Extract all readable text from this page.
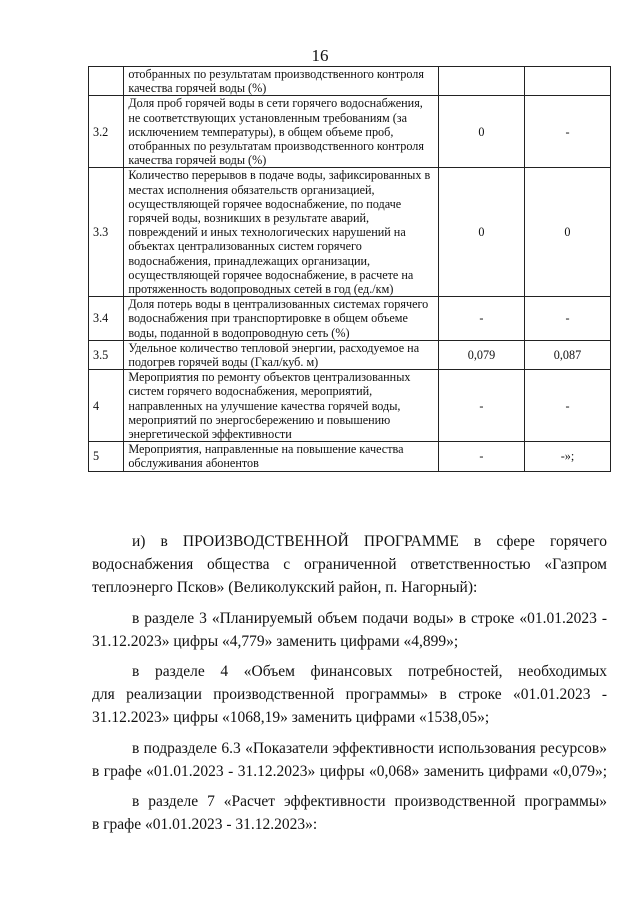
16
	отобранных по результатам производственного контроля качества горячей воды (%)		
3.2	Доля проб горячей воды в сети горячего водоснабжения, не соответствующих установленным требованиям (за исключением температуры), в общем объеме проб, отобранных по результатам производственного контроля качества горячей воды (%)	0	-
3.3	Количество перерывов в подаче воды, зафиксированных в местах исполнения обязательств организацией, осуществляющей горячее водоснабжение, по подаче горячей воды, возникших в результате аварий, повреждений и иных технологических нарушений на объектах централизованных систем горячего водоснабжения, принадлежащих организации, осуществляющей горячее водоснабжение, в расчете на протяженность водопроводных сетей в год (ед./км)	0	0
3.4	Доля потерь воды в централизованных системах горячего водоснабжения при транспортировке в общем объеме воды, поданной в водопроводную сеть (%)	-	-
3.5	Удельное количество тепловой энергии, расходуемое на подогрев горячей воды (Гкал/куб. м)	0,079	0,087
4	Мероприятия по ремонту объектов централизованных систем горячего водоснабжения, мероприятий, направленных на улучшение качества горячей воды, мероприятий по энергосбережению и повышению энергетической эффективности	-	-
5	Мероприятия, направленные на повышение качества обслуживания абонентов	-	-»;

и) в ПРОИЗВОДСТВЕННОЙ ПРОГРАММЕ в сфере горячего

водоснабжения общества с ограниченной ответственностью «Газпром

теплоэнерго Псков» (Великолукский район, п. Нагорный):

в разделе 3 «Планируемый объем подачи воды» в строке «01.01.2023 -

31.12.2023» цифры «4,779» заменить цифрами «4,899»;

в разделе 4 «Объем финансовых потребностей, необходимых

для реализации производственной программы» в строке «01.01.2023 -

31.12.2023» цифры «1068,19» заменить цифрами «1538,05»;

в подразделе 6.3 «Показатели эффективности использования ресурсов»

в графе «01.01.2023 - 31.12.2023» цифры «0,068» заменить цифрами «0,079»;

в разделе 7 «Расчет эффективности производственной программы»

в графе «01.01.2023 - 31.12.2023»:
